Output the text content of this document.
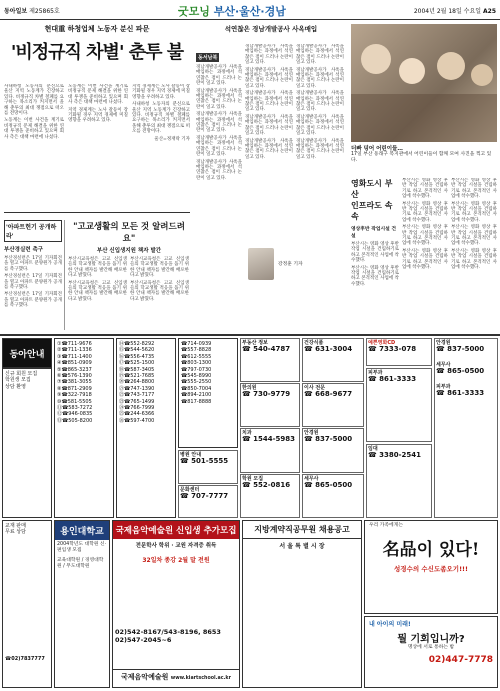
동아일보 제25865호	굿모닝 부산·울산·경남	2004년 2월 18일 수요일 A25
현대重 하청업체 노동자 분신 파문
'비정규직 차별' 춘투 불

사내하청 노동자의 분신으로 울산 지역 노동계가 긴장하고 있다. 비정규직 차별 철폐를 요구하는 목소리가 커지면서 올해 춘투의 최대 쟁점으로 떠오를 전망이다.

노동계는 이번 사건을 계기로 비정규직 문제 해결을 위한 연대 투쟁을 준비하고 있으며 회사 측은 대책 마련에 나섰다.

노동계는 이번 사건을 계기로 비정규직 문제 해결을 위한 연대 투쟁을 준비하고 있으며 회사 측은 대책 마련에 나섰다.

지역 경제계는 노사 갈등이 장기화될 경우 지역 경제에 미칠 영향을 우려하고 있다.

지역 경제계는 노사 갈등이 장기화될 경우 지역 경제에 미칠 영향을 우려하고 있다.

사내하청 노동자의 분신으로 울산 지역 노동계가 긴장하고 있다. 비정규직 차별 철폐를 요구하는 목소리가 커지면서 올해 춘투의 최대 쟁점으로 떠오를 전망이다.

울산=정재락 기자

'아파트헌기 공개하라'
부산경실련 촉구

부산경실련은 17일 기자회견을 열고 아파트 분양원가 공개를 촉구했다.

부산경실련은 17일 기자회견을 열고 아파트 분양원가 공개를 촉구했다.

부산경실련은 17일 기자회견을 열고 아파트 분양원가 공개를 촉구했다.

"고교생활의 모든 것 알려드려요"
부산 신입생지원 책자 발간

부산시교육청은 고교 신입생들의 학교생활 적응을 돕기 위한 안내 책자를 발간해 배포한다고 밝혔다.

부산시교육청은 고교 신입생들의 학교생활 적응을 돕기 위한 안내 책자를 발간해 배포한다고 밝혔다.

부산시교육청은 고교 신입생들의 학교생활 적응을 돕기 위한 안내 책자를 발간해 배포한다고 밝혔다.

부산시교육청은 고교 신입생들의 학교생활 적응을 돕기 위한 안내 책자를 발간해 배포한다고 밝혔다.

석연찮은 경남개발공사 사옥매입
동서남북

경남개발공사가 사옥을 매입하는 과정에서 석연찮은 점이 드러나 논란이 일고 있다.

경남개발공사가 사옥을 매입하는 과정에서 석연찮은 점이 드러나 논란이 일고 있다.

경남개발공사가 사옥을 매입하는 과정에서 석연찮은 점이 드러나 논란이 일고 있다.

경남개발공사가 사옥을 매입하는 과정에서 석연찮은 점이 드러나 논란이 일고 있다.

경남개발공사가 사옥을 매입하는 과정에서 석연찮은 점이 드러나 논란이 일고 있다.

경남개발공사가 사옥을 매입하는 과정에서 석연찮은 점이 드러나 논란이 일고 있다.

경남개발공사가 사옥을 매입하는 과정에서 석연찮은 점이 드러나 논란이 일고 있다.

경남개발공사가 사옥을 매입하는 과정에서 석연찮은 점이 드러나 논란이 일고 있다.

경남개발공사가 사옥을 매입하는 과정에서 석연찮은 점이 드러나 논란이 일고 있다.

경남개발공사가 사옥을 매입하는 과정에서 석연찮은 점이 드러나 논란이 일고 있다.

경남개발공사가 사옥을 매입하는 과정에서 석연찮은 점이 드러나 논란이 일고 있다.

경남개발공사가 사옥을 매입하는 과정에서 석연찮은 점이 드러나 논란이 일고 있다.

경남개발공사가 사옥을 매입하는 과정에서 석연찮은 점이 드러나 논란이 일고 있다.

경남개발공사가 사옥을 매입하는 과정에서 석연찮은 점이 드러나 논란이 일고 있다.

경남개발공사가 사옥을 매입하는 과정에서 석연찮은 점이 드러나 논란이 일고 있다.

강정훈 기자
더빠 덩어 어린이들…
17일 부산 동래구 복지관에서 어린이들이 함께 모여 사진을 찍고 있다.
영화도시 부산
인프라도 속속
영상후반 작업시설 건설

부산시는 영화 영상 후반 작업 시설을 건립하기로 하고 본격적인 사업에 착수했다.

부산시는 영화 영상 후반 작업 시설을 건립하기로 하고 본격적인 사업에 착수했다.

부산시는 영화 영상 후반 작업 시설을 건립하기로 하고 본격적인 사업에 착수했다.

부산시는 영화 영상 후반 작업 시설을 건립하기로 하고 본격적인 사업에 착수했다.

부산시는 영화 영상 후반 작업 시설을 건립하기로 하고 본격적인 사업에 착수했다.

부산시는 영화 영상 후반 작업 시설을 건립하기로 하고 본격적인 사업에 착수했다.

부산시는 영화 영상 후반 작업 시설을 건립하기로 하고 본격적인 사업에 착수했다.

부산시는 영화 영상 후반 작업 시설을 건립하기로 하고 본격적인 사업에 착수했다.

부산시는 영화 영상 후반 작업 시설을 건립하기로 하고 본격적인 사업에 착수했다.

부산시는 영화 영상 후반 작업 시설을 건립하기로 하고 본격적인 사업에 착수했다.

동아안내
신규 회원 모집
학원생 모집
상담 환영
①☎711-9676
②☎711-1336
③☎711-1400
④☎851-0909
⑤☎865-3237
⑥☎576-1390
⑦☎381-3055
⑧☎871-2909
⑨☎322-7918
⑩☎581-5505
⑪☎583-7272
⑫☎946-0835
⑬☎505-8200
⑭☎552-8292
⑮☎544-5620
⑯☎556-4735
⑰☎525-1500
⑱☎587-3405
⑲☎521-7685
⑳☎264-8800
㉑☎747-1390
㉒☎743-7177
㉓☎765-1499
㉔☎766-7999
㉕☎244-6366
㉖☎597-4700
☎714-0939
☎557-8828
☎612-5555
☎803-1300
☎797-0730
☎545-8990
☎555-2550
☎850-7004
☎894-2100
☎817-8888
병원 안내
☎ 501-5555
문화센터
☎ 707-7777
부동산 정보
☎ 540-4787
한의원
☎ 730-9779
치과
☎ 1544-5983
학원 모집
☎ 552-0816
건강식품
☎ 631-3004
이사 전문
☎ 668-9677
안경원
☎ 837-5000
세무사
☎ 865-0500
예쁜영화CD
☎ 7333-078
피부과
☎ 861-3333
임대
☎ 3380-2541
안경원
☎ 837-5000
세무사
☎ 865-0500
피부과
☎ 861-3333
교재 판매
무료 상담
☎02)7837777
용인대학교
2004학년도 대학원 신·편입생 모집
교육대학원 / 경영대학원 / 무도대학원
국제음악예술원 신입생 추가모집
전문학사 학위 · 교원 자격증 취득
32일차 종강 2월 말 전원
02)542-8167/543-8196, 8653
02)547-2045~6
국제음악예술원 www.kiartschool.ac.kr
지방계약직공무원 채용공고
서 울 특 별 시 장
우리 가족에게는
名品이 있다!
성경수의 수신도좀오기!!!
내 아이의 미래!
뭘 기회입니까?
명상에 서로 통하는 밤
02)447-7778
